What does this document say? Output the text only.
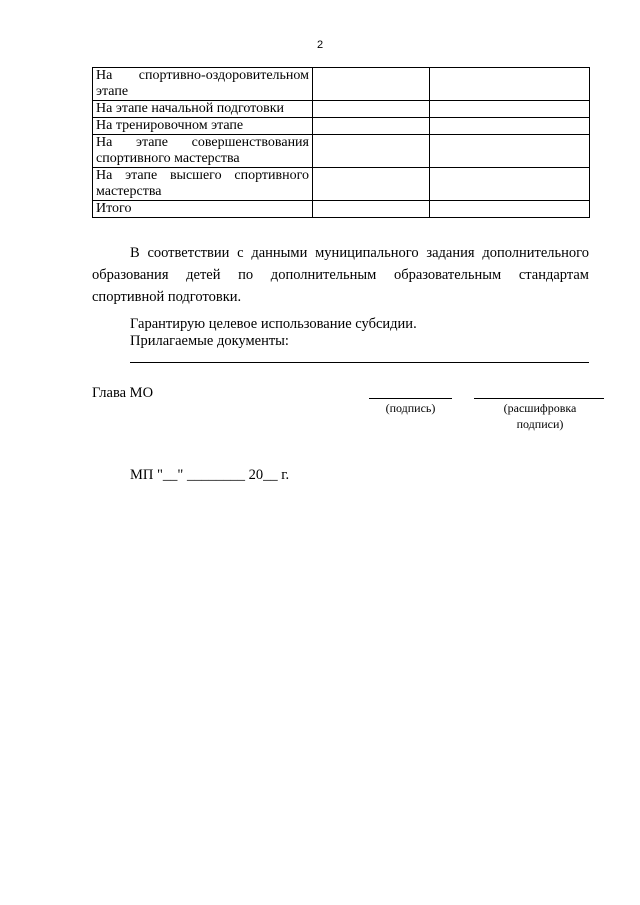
2
На спортивно-оздоровительном этапе		
На этапе начальной подготовки		
На тренировочном этапе		
На этапе совершенствования спортивного мастерства		
На этапе высшего спортивного мастерства		
Итого		

В соответствии с данными муниципального задания дополнительного образования детей по дополнительным образовательным стандартам спортивной подготовки.

Гарантирую целевое использование субсидии.

Прилагаемые документы:

Глава МО

(подпись)	(расшифровка подписи)

МП "__" ________ 20__ г.
